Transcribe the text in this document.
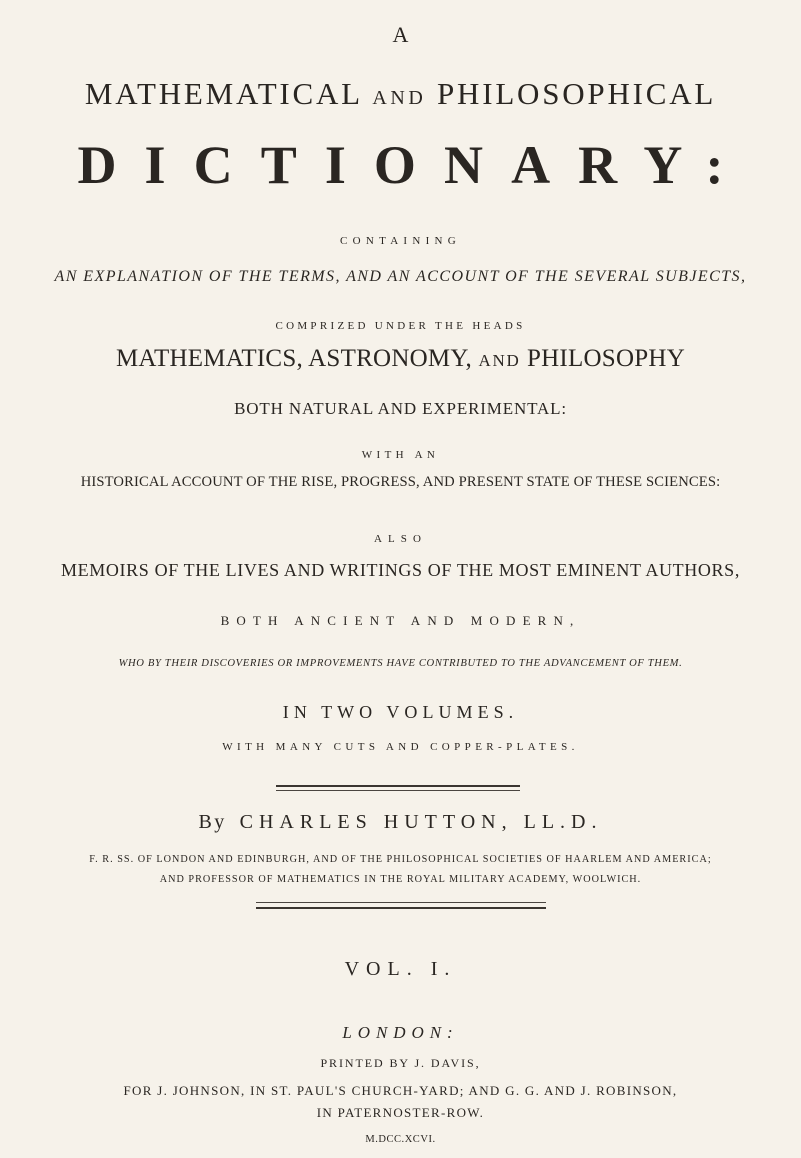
A
MATHEMATICAL AND PHILOSOPHICAL
DICTIONARY:
CONTAINING
AN EXPLANATION OF THE TERMS, AND AN ACCOUNT OF THE SEVERAL SUBJECTS,
COMPRIZED UNDER THE HEADS
MATHEMATICS, ASTRONOMY, AND PHILOSOPHY
BOTH NATURAL AND EXPERIMENTAL:
WITH AN
HISTORICAL ACCOUNT OF THE RISE, PROGRESS, AND PRESENT STATE OF THESE SCIENCES:
ALSO
MEMOIRS OF THE LIVES AND WRITINGS OF THE MOST EMINENT AUTHORS,
BOTH ANCIENT AND MODERN,
WHO BY THEIR DISCOVERIES OR IMPROVEMENTS HAVE CONTRIBUTED TO THE ADVANCEMENT OF THEM.
IN TWO VOLUMES.
WITH MANY CUTS AND COPPER-PLATES.
By CHARLES HUTTON, LL.D.
F. R. SS. OF LONDON AND EDINBURGH, AND OF THE PHILOSOPHICAL SOCIETIES OF HAARLEM AND AMERICA;
AND PROFESSOR OF MATHEMATICS IN THE ROYAL MILITARY ACADEMY, WOOLWICH.
VOL. I.
LONDON:
PRINTED BY J. DAVIS,
FOR J. JOHNSON, IN ST. PAUL'S CHURCH-YARD; AND G. G. AND J. ROBINSON,
IN PATERNOSTER-ROW.
M.DCC.XCVI.
